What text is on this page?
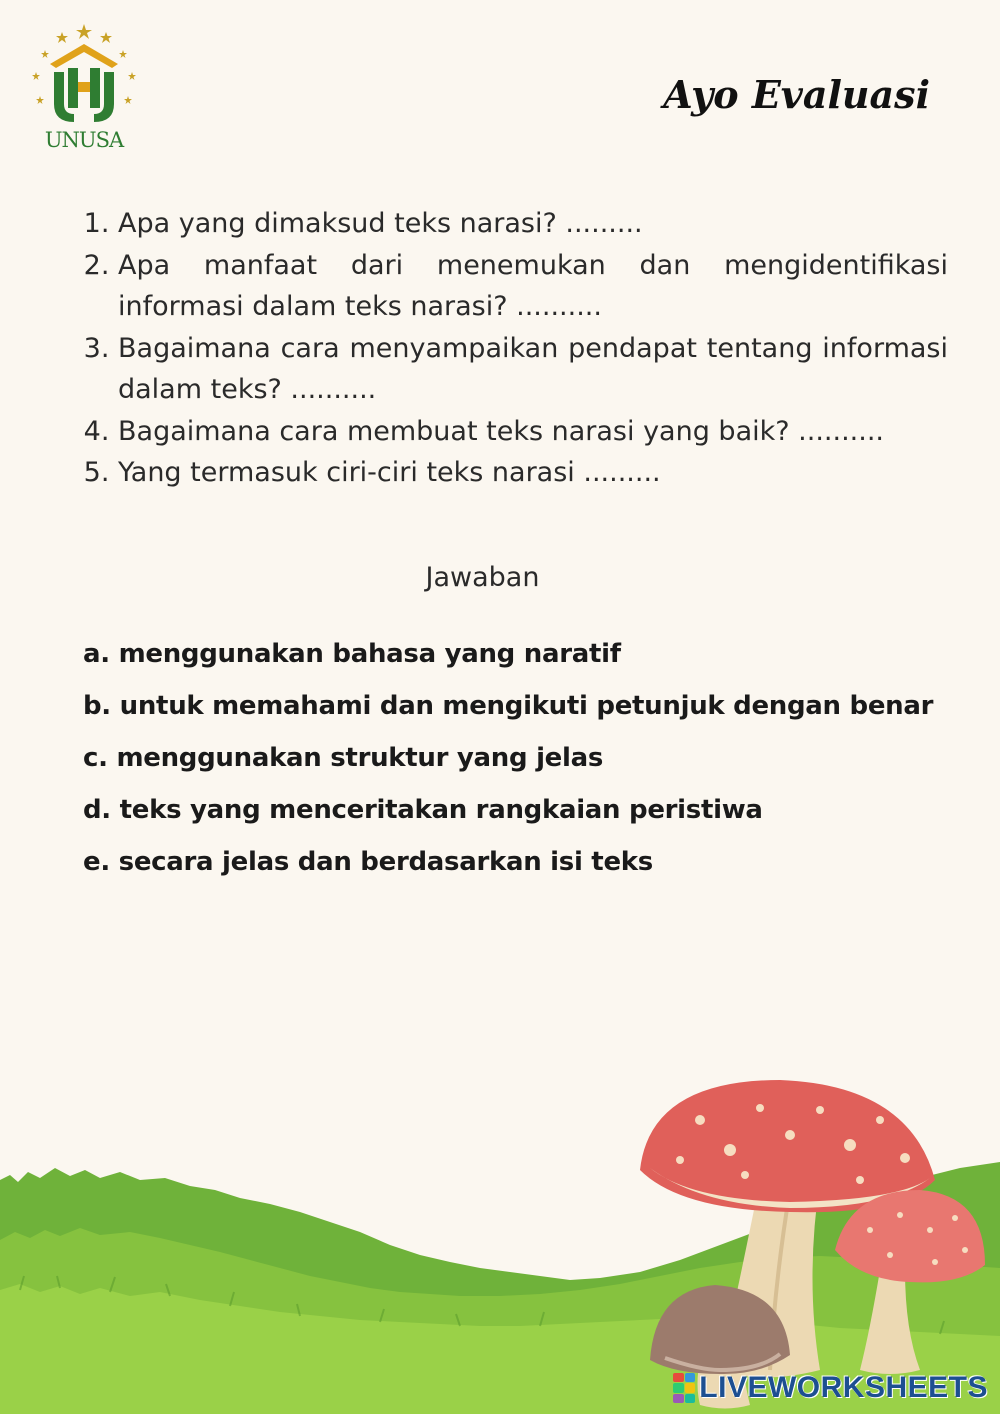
UNUSA
Ayo Evaluasi
1. Apa yang dimaksud teks narasi? .........
2. Apa manfaat dari menemukan dan mengidentifikasi informasi dalam teks narasi? ..........
3. Bagaimana cara menyampaikan pendapat tentang informasi dalam teks? ..........
4. Bagaimana cara membuat teks narasi yang baik? ..........
5. Yang termasuk ciri-ciri teks narasi .........
Jawaban
a. menggunakan bahasa yang naratif
b. untuk memahami dan mengikuti petunjuk dengan benar
c. menggunakan struktur yang jelas
d. teks yang menceritakan rangkaian peristiwa
e. secara jelas dan berdasarkan isi teks
LIVEWORKSHEETS
